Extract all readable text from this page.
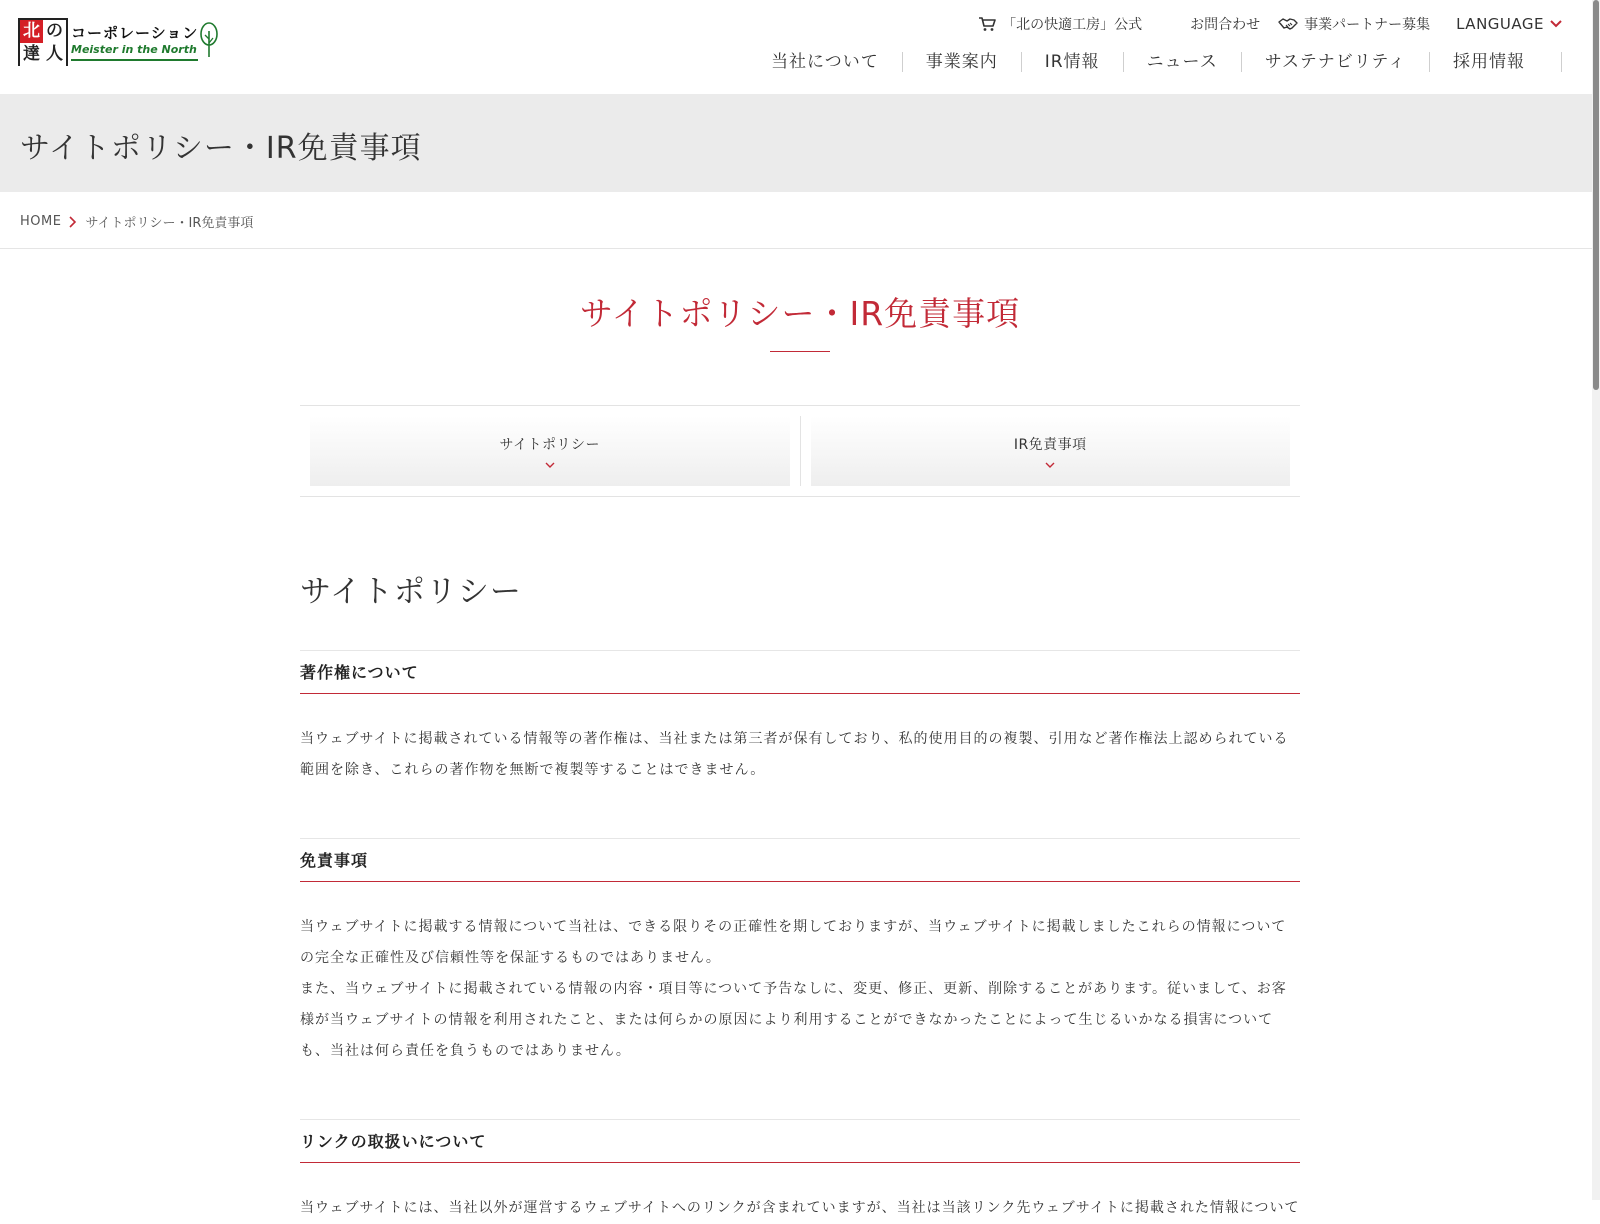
北 の
達 人
コーポレーション
Meister in the North
「北の快適工房」公式	お問合わせ	事業パートナー募集 LANGUAGE
当社について	事業案内	IR情報	ニュース	サステナビリティ	採用情報
サイトポリシー・IR免責事項
HOME サイトポリシー・IR免責事項
サイトポリシー・IR免責事項
サイトポリシー	IR免責事項
サイトポリシー
著作権について

当ウェブサイトに掲載されている情報等の著作権は、当社または第三者が保有しており、私的使用目的の複製、引用など著作権法上認められている範囲を除き、これらの著作物を無断で複製等することはできません。

免責事項

当ウェブサイトに掲載する情報について当社は、できる限りその正確性を期しておりますが、当ウェブサイトに掲載しましたこれらの情報についての完全な正確性及び信頼性等を保証するものではありません。

また、当ウェブサイトに掲載されている情報の内容・項目等について予告なしに、変更、修正、更新、削除することがあります。従いまして、お客様が当ウェブサイトの情報を利用されたこと、または何らかの原因により利用することができなかったことによって生じるいかなる損害についても、当社は何ら責任を負うものではありません。

リンクの取扱いについて

当ウェブサイトには、当社以外が運営するウェブサイトへのリンクが含まれていますが、当社は当該リンク先ウェブサイトに掲載された情報について
